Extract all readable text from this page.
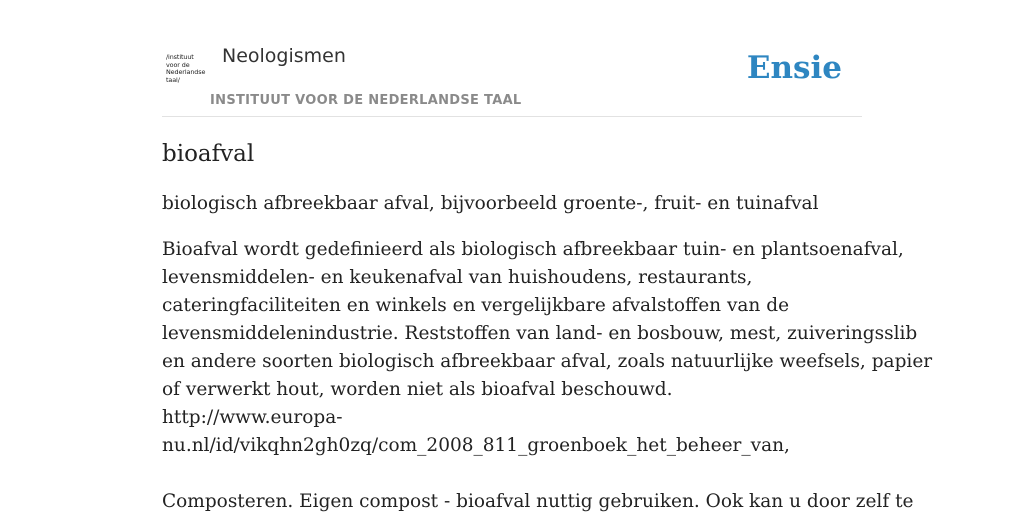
/instituut
voor de
Nederlandse
taal/
Neologismen
INSTITUUT VOOR DE NEDERLANDSE TAAL
Ensie
bioafval

biologisch afbreekbaar afval, bijvoorbeeld groente-, fruit- en tuinafval

Bioafval wordt gedefinieerd als biologisch afbreekbaar tuin- en plantsoenafval,
levensmiddelen- en keukenafval van huishoudens, restaurants,
cateringfaciliteiten en winkels en vergelijkbare afvalstoffen van de
levensmiddelenindustrie. Reststoffen van land- en bosbouw, mest, zuiveringsslib
en andere soorten biologisch afbreekbaar afval, zoals natuurlijke weefsels, papier
of verwerkt hout, worden niet als bioafval beschouwd.
http://www.europa-
nu.nl/id/vikqhn2gh0zq/com_2008_811_groenboek_het_beheer_van,
Composteren. Eigen compost - bioafval nuttig gebruiken. Ook kan u door zelf te
